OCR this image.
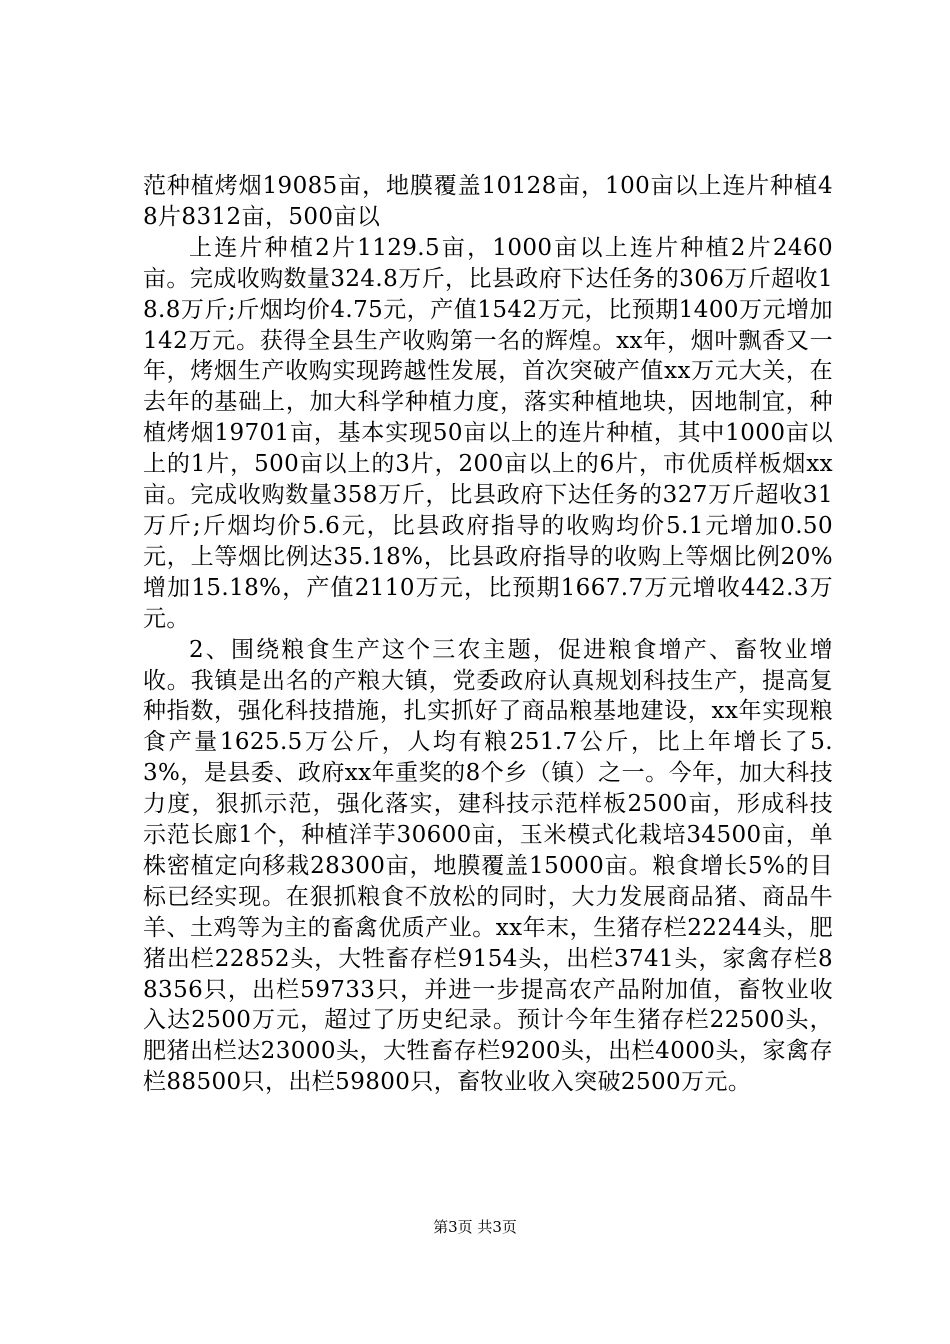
范种植烤烟19085亩，地膜覆盖10128亩，100亩以上连片种植48片8312亩，500亩以

上连片种植2片1129.5亩，1000亩以上连片种植2片2460亩。完成收购数量324.8万斤，比县政府下达任务的306万斤超收18.8万斤;斤烟均价4.75元，产值1542万元，比预期1400万元增加142万元。获得全县生产收购第一名的辉煌。xx年，烟叶飘香又一年，烤烟生产收购实现跨越性发展，首次突破产值xx万元大关，在去年的基础上，加大科学种植力度，落实种植地块，因地制宜，种植烤烟19701亩，基本实现50亩以上的连片种植，其中1000亩以上的1片，500亩以上的3片，200亩以上的6片，市优质样板烟xx亩。完成收购数量358万斤，比县政府下达任务的327万斤超收31万斤;斤烟均价5.6元，比县政府指导的收购均价5.1元增加0.50元，上等烟比例达35.18%，比县政府指导的收购上等烟比例20%增加15.18%，产值2110万元，比预期1667.7万元增收442.3万元。

2、围绕粮食生产这个三农主题，促进粮食增产、畜牧业增收。我镇是出名的产粮大镇，党委政府认真规划科技生产，提高复种指数，强化科技措施，扎实抓好了商品粮基地建设，xx年实现粮食产量1625.5万公斤，人均有粮251.7公斤，比上年增长了5.3%，是县委、政府xx年重奖的8个乡（镇）之一。今年，加大科技力度，狠抓示范，强化落实，建科技示范样板2500亩，形成科技示范长廊1个，种植洋芋30600亩，玉米模式化栽培34500亩，单株密植定向移栽28300亩，地膜覆盖15000亩。粮食增长5%的目标已经实现。在狠抓粮食不放松的同时，大力发展商品猪、商品牛羊、土鸡等为主的畜禽优质产业。xx年末，生猪存栏22244头，肥猪出栏22852头，大牲畜存栏9154头，出栏3741头，家禽存栏88356只，出栏59733只，并进一步提高农产品附加值，畜牧业收入达2500万元，超过了历史纪录。预计今年生猪存栏22500头，肥猪出栏达23000头，大牲畜存栏9200头，出栏4000头，家禽存栏88500只，出栏59800只，畜牧业收入突破2500万元。

第3页 共3页
